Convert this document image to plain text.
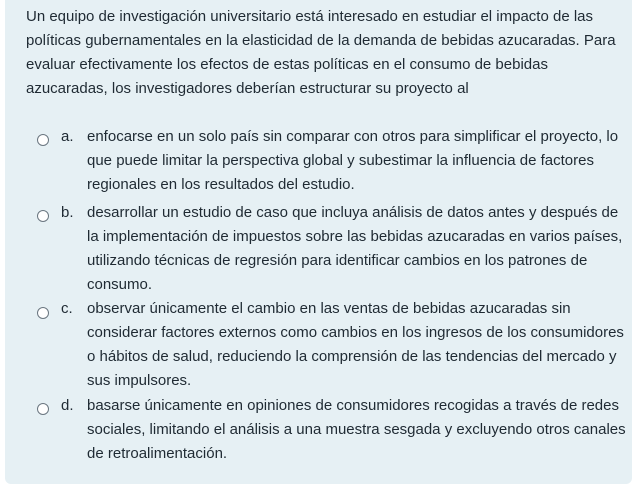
Un equipo de investigación universitario está interesado en estudiar el impacto de las políticas gubernamentales en la elasticidad de la demanda de bebidas azucaradas. Para evaluar efectivamente los efectos de estas políticas en el consumo de bebidas azucaradas, los investigadores deberían estructurar su proyecto al

a. enfocarse en un solo país sin comparar con otros para simplificar el proyecto, lo que puede limitar la perspectiva global y subestimar la influencia de factores regionales en los resultados del estudio.
b. desarrollar un estudio de caso que incluya análisis de datos antes y después de la implementación de impuestos sobre las bebidas azucaradas en varios países, utilizando técnicas de regresión para identificar cambios en los patrones de consumo.
c. observar únicamente el cambio en las ventas de bebidas azucaradas sin considerar factores externos como cambios en los ingresos de los consumidores o hábitos de salud, reduciendo la comprensión de las tendencias del mercado y sus impulsores.
d. basarse únicamente en opiniones de consumidores recogidas a través de redes sociales, limitando el análisis a una muestra sesgada y excluyendo otros canales de retroalimentación.
